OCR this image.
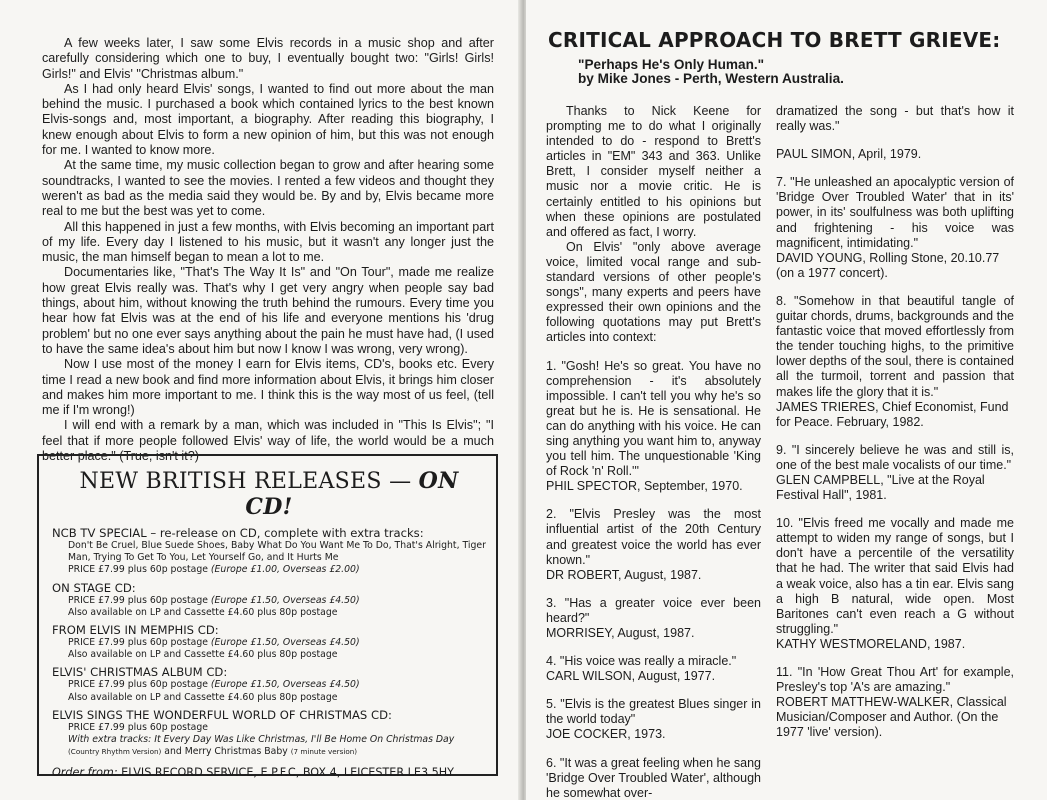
A few weeks later, I saw some Elvis records in a music shop and after carefully considering which one to buy, I eventually bought two: "Girls! Girls! Girls!" and Elvis' "Christmas album."

As I had only heard Elvis' songs, I wanted to find out more about the man behind the music. I purchased a book which contained lyrics to the best known Elvis-songs and, most important, a biography. After reading this biography, I knew enough about Elvis to form a new opinion of him, but this was not enough for me. I wanted to know more.

At the same time, my music collection began to grow and after hearing some soundtracks, I wanted to see the movies. I rented a few videos and thought they weren't as bad as the media said they would be. By and by, Elvis became more real to me but the best was yet to come.

All this happened in just a few months, with Elvis becoming an important part of my life. Every day I listened to his music, but it wasn't any longer just the music, the man himself began to mean a lot to me.

Documentaries like, "That's The Way It Is" and "On Tour", made me realize how great Elvis really was. That's why I get very angry when people say bad things, about him, without knowing the truth behind the rumours. Every time you hear how fat Elvis was at the end of his life and everyone mentions his 'drug problem' but no one ever says anything about the pain he must have had, (I used to have the same idea's about him but now I know I was wrong, very wrong).

Now I use most of the money I earn for Elvis items, CD's, books etc. Every time I read a new book and find more information about Elvis, it brings him closer and makes him more important to me. I think this is the way most of us feel, (tell me if I'm wrong!)

I will end with a remark by a man, which was included in "This Is Elvis"; "I feel that if more people followed Elvis' way of life, the world would be a much better place." (True, isn't it?)

NEW BRITISH RELEASES — ON CD!
NCB TV SPECIAL – re-release on CD, complete with extra tracks:
Don't Be Cruel, Blue Suede Shoes, Baby What Do You Want Me To Do, That's Alright, Tiger Man, Trying To Get To You, Let Yourself Go, and It Hurts Me
PRICE £7.99 plus 60p postage (Europe £1.00, Overseas £2.00)
ON STAGE CD:
PRICE £7.99 plus 60p postage (Europe £1.50, Overseas £4.50)
Also available on LP and Cassette £4.60 plus 80p postage
FROM ELVIS IN MEMPHIS CD:
PRICE £7.99 plus 60p postage (Europe £1.50, Overseas £4.50)
Also available on LP and Cassette £4.60 plus 80p postage
ELVIS' CHRISTMAS ALBUM CD:
PRICE £7.99 plus 60p postage (Europe £1.50, Overseas £4.50)
Also available on LP and Cassette £4.60 plus 80p postage
ELVIS SINGS THE WONDERFUL WORLD OF CHRISTMAS CD:
PRICE £7.99 plus 60p postage
With extra tracks: It Every Day Was Like Christmas, I'll Be Home On Christmas Day
(Country Rhythm Version) and Merry Christmas Baby (7 minute version)
Order from: ELVIS RECORD SERVICE, E.P.F.C, BOX 4, LEICESTER LE3 5HY
CRITICAL APPROACH TO BRETT GRIEVE:
"Perhaps He's Only Human."
by Mike Jones - Perth, Western Australia.

Thanks to Nick Keene for prompting me to do what I originally intended to do - respond to Brett's articles in "EM" 343 and 363. Unlike Brett, I consider myself neither a music nor a movie critic. He is certainly entitled to his opinions but when these opinions are postulated and offered as fact, I worry.

On Elvis' "only above average voice, limited vocal range and sub-standard versions of other people's songs", many experts and peers have expressed their own opinions and the following quotations may put Brett's articles into context:

1. "Gosh! He's so great. You have no comprehension - it's absolutely impossible. I can't tell you why he's so great but he is. He is sensational. He can do anything with his voice. He can sing anything you want him to, anyway you tell him. The unquestionable 'King of Rock 'n' Roll.'"
PHIL SPECTOR, September, 1970.

2. "Elvis Presley was the most influential artist of the 20th Century and greatest voice the world has ever known."
DR ROBERT, August, 1987.

3. "Has a greater voice ever been heard?"
MORRISEY, August, 1987.

4. "His voice was really a miracle."
CARL WILSON, August, 1977.

5. "Elvis is the greatest Blues singer in the world today"
JOE COCKER, 1973.

6. "It was a great feeling when he sang 'Bridge Over Troubled Water', although he somewhat over-

dramatized the song - but that's how it really was."

PAUL SIMON, April, 1979.

7. "He unleashed an apocalyptic version of 'Bridge Over Troubled Water' that in its' power, in its' soulfulness was both uplifting and frightening - his voice was magnificent, intimidating."
DAVID YOUNG, Rolling Stone, 20.10.77 (on a 1977 concert).

8. "Somehow in that beautiful tangle of guitar chords, drums, backgrounds and the fantastic voice that moved effortlessly from the tender touching highs, to the primitive lower depths of the soul, there is contained all the turmoil, torrent and passion that makes life the glory that it is."
JAMES TRIERES, Chief Economist, Fund for Peace. February, 1982.

9. "I sincerely believe he was and still is, one of the best male vocalists of our time."
GLEN CAMPBELL, "Live at the Royal Festival Hall", 1981.

10. "Elvis freed me vocally and made me attempt to widen my range of songs, but I don't have a percentile of the versatility that he had. The writer that said Elvis had a weak voice, also has a tin ear. Elvis sang a high B natural, wide open. Most Baritones can't even reach a G without struggling."
KATHY WESTMORELAND, 1987.

11. "In 'How Great Thou Art' for example, Presley's top 'A's are amazing."
ROBERT MATTHEW-WALKER, Classical Musician/Composer and Author. (On the 1977 'live' version).
